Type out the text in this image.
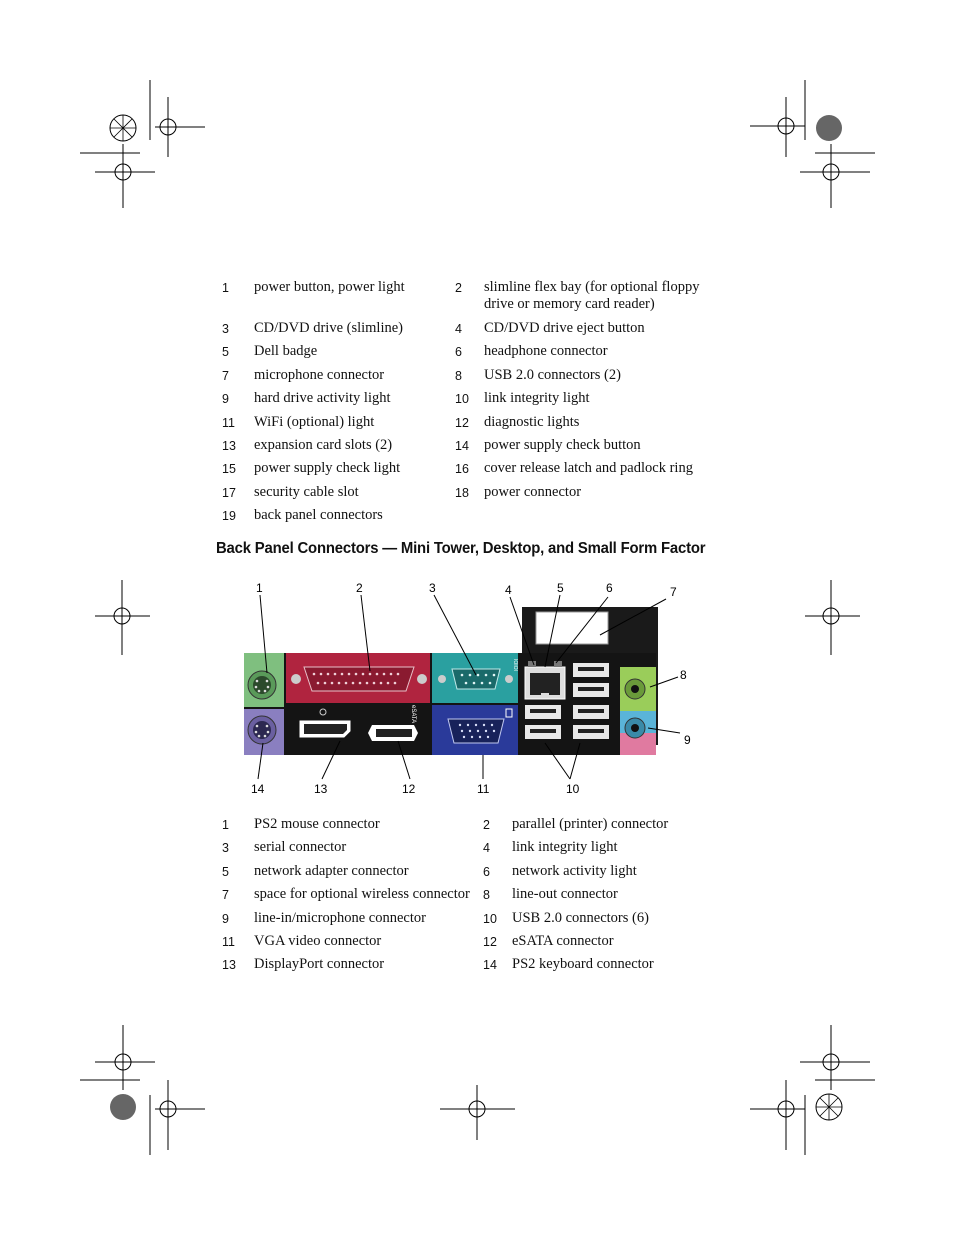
1 power button, power light	2 slimline flex bay (for optional floppy drive or memory card reader)
3 CD/DVD drive (slimline)	4 CD/DVD drive eject button
5 Dell badge	6 headphone connector
7 microphone connector	8 USB 2.0 connectors (2)
9 hard drive activity light	10 link integrity light
11 WiFi (optional) light	12 diagnostic lights
13 expansion card slots (2)	14 power supply check button
15 power supply check light	16 cover release latch and padlock ring
17 security cable slot	18 power connector
19 back panel connectors
Back Panel Connectors — Mini Tower, Desktop, and Small Form Factor
IOIOI
eSATA
1	2	3	4	5	6	7
8
9
10
11
12
13
14
1 PS2 mouse connector	2 parallel (printer) connector
3 serial connector	4 link integrity light
5 network adapter connector	6 network activity light
7 space for optional wireless connector	8 line-out connector
9 line-in/microphone connector	10 USB 2.0 connectors (6)
11 VGA video connector	12 eSATA connector
13 DisplayPort connector	14 PS2 keyboard connector
